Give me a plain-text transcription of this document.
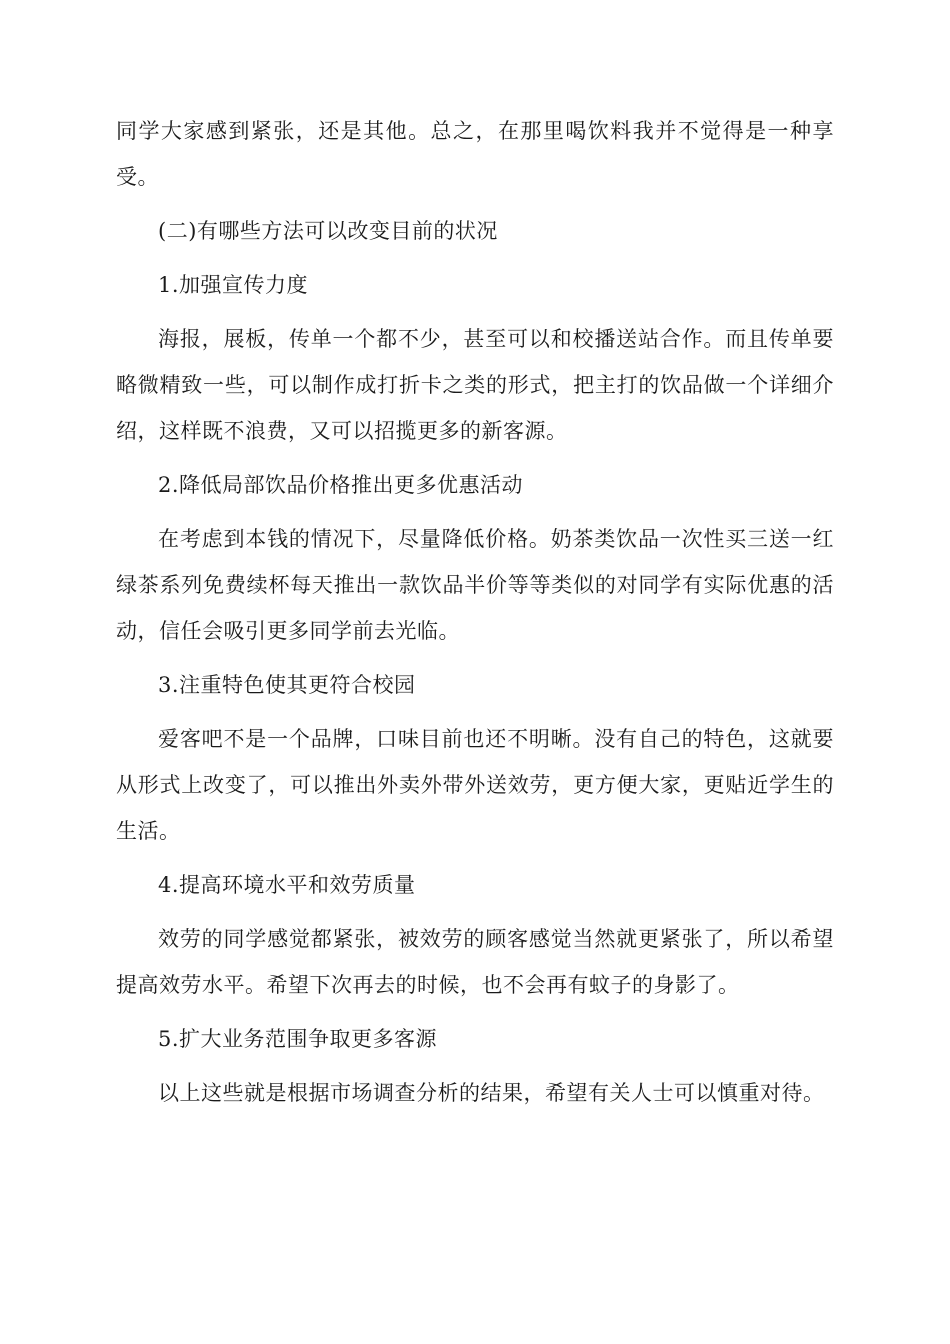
同学大家感到紧张，还是其他。总之，在那里喝饮料我并不觉得是一种享受。

(二)有哪些方法可以改变目前的状况

1.加强宣传力度

海报，展板，传单一个都不少，甚至可以和校播送站合作。而且传单要略微精致一些，可以制作成打折卡之类的形式，把主打的饮品做一个详细介绍，这样既不浪费，又可以招揽更多的新客源。

2.降低局部饮品价格推出更多优惠活动

在考虑到本钱的情况下，尽量降低价格。奶茶类饮品一次性买三送一红绿茶系列免费续杯每天推出一款饮品半价等等类似的对同学有实际优惠的活动，信任会吸引更多同学前去光临。

3.注重特色使其更符合校园

爱客吧不是一个品牌，口味目前也还不明晰。没有自己的特色，这就要从形式上改变了，可以推出外卖外带外送效劳，更方便大家，更贴近学生的生活。

4.提高环境水平和效劳质量

效劳的同学感觉都紧张，被效劳的顾客感觉当然就更紧张了，所以希望提高效劳水平。希望下次再去的时候，也不会再有蚊子的身影了。

5.扩大业务范围争取更多客源

以上这些就是根据市场调查分析的结果，希望有关人士可以慎重对待。
